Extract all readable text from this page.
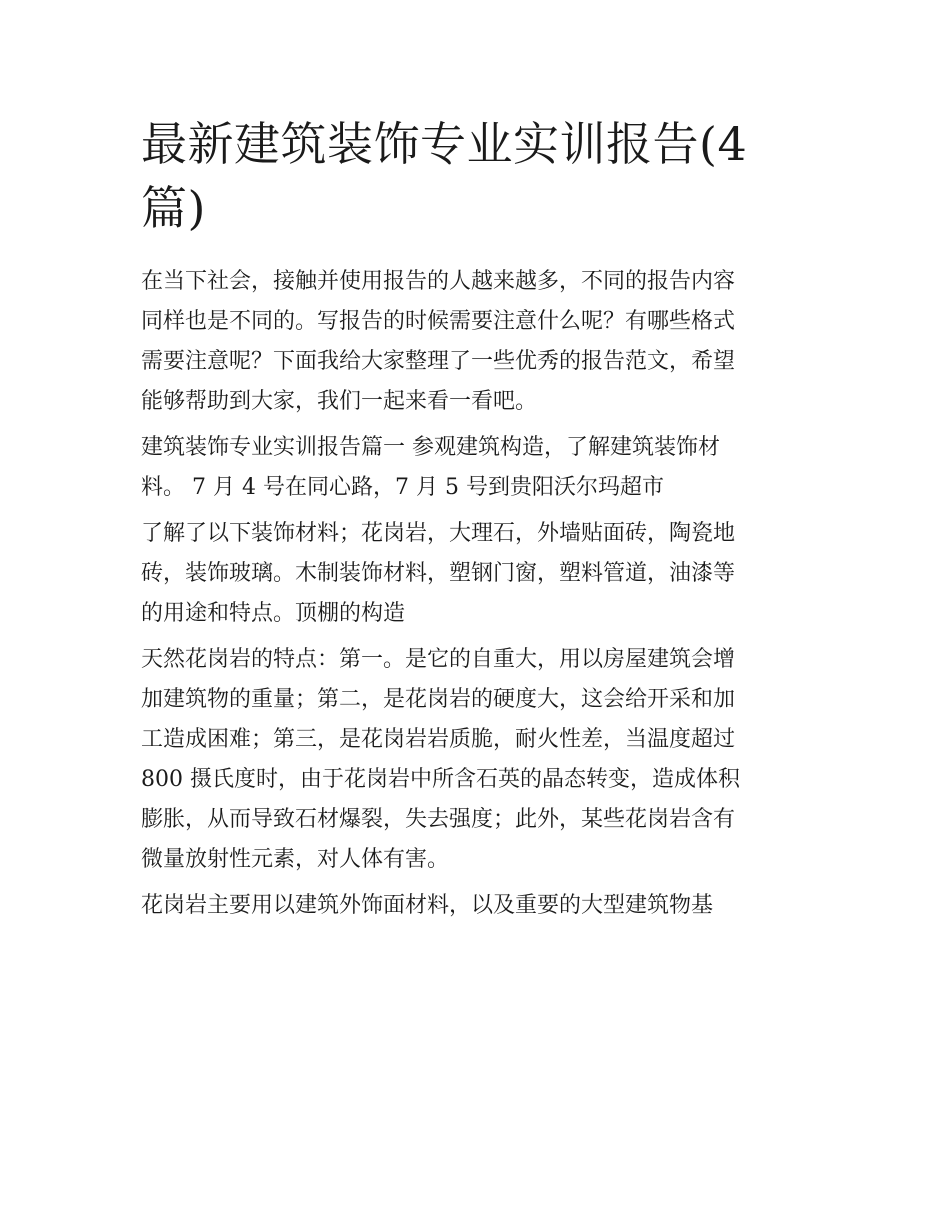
最新建筑装饰专业实训报告(4
篇)

在当下社会，接触并使用报告的人越来越多，不同的报告内容
同样也是不同的。写报告的时候需要注意什么呢？有哪些格式
需要注意呢？下面我给大家整理了一些优秀的报告范文，希望
能够帮助到大家，我们一起来看一看吧。

建筑装饰专业实训报告篇一 参观建筑构造，了解建筑装饰材
料。 7 月 4 号在同心路，7 月 5 号到贵阳沃尔玛超市

了解了以下装饰材料；花岗岩，大理石，外墙贴面砖，陶瓷地
砖，装饰玻璃。木制装饰材料，塑钢门窗，塑料管道，油漆等
的用途和特点。顶棚的构造

天然花岗岩的特点：第一。是它的自重大，用以房屋建筑会增
加建筑物的重量；第二，是花岗岩的硬度大，这会给开采和加
工造成困难；第三，是花岗岩岩质脆，耐火性差，当温度超过
800 摄氏度时，由于花岗岩中所含石英的晶态转变，造成体积
膨胀，从而导致石材爆裂，失去强度；此外，某些花岗岩含有
微量放射性元素，对人体有害。

花岗岩主要用以建筑外饰面材料，以及重要的大型建筑物基
